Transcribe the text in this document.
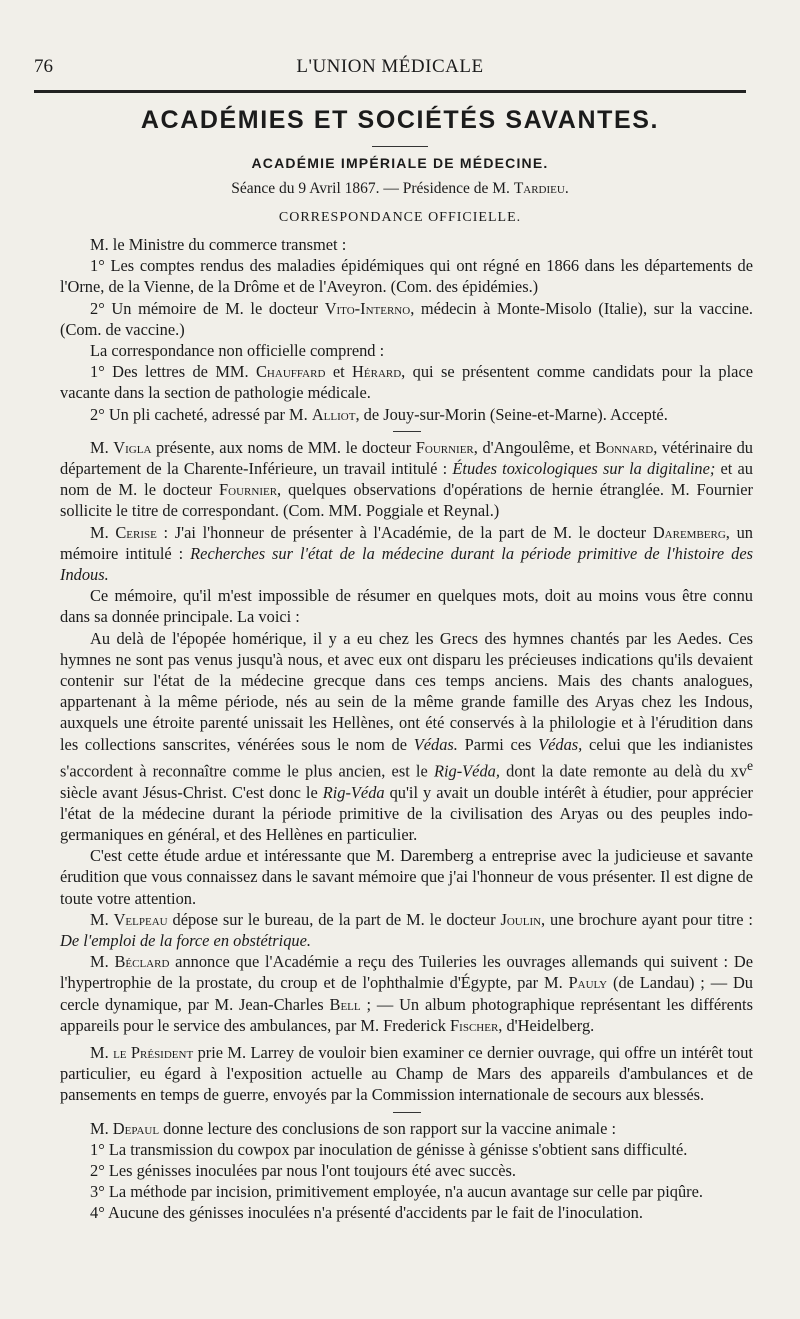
76	L'UNION MÉDICALE
ACADÉMIES ET SOCIÉTÉS SAVANTES.
ACADÉMIE IMPÉRIALE DE MÉDECINE.
Séance du 9 Avril 1867. — Présidence de M. Tardieu.
CORRESPONDANCE OFFICIELLE.

M. le Ministre du commerce transmet :

1° Les comptes rendus des maladies épidémiques qui ont régné en 1866 dans les départements de l'Orne, de la Vienne, de la Drôme et de l'Aveyron. (Com. des épidémies.)

2° Un mémoire de M. le docteur Vito-Interno, médecin à Monte-Misolo (Italie), sur la vaccine. (Com. de vaccine.)

La correspondance non officielle comprend :

1° Des lettres de MM. Chauffard et Hérard, qui se présentent comme candidats pour la place vacante dans la section de pathologie médicale.

2° Un pli cacheté, adressé par M. Alliot, de Jouy-sur-Morin (Seine-et-Marne). Accepté.

M. Vigla présente, aux noms de MM. le docteur Fournier, d'Angoulême, et Bonnard, vétérinaire du département de la Charente-Inférieure, un travail intitulé : Études toxicologiques sur la digitaline; et au nom de M. le docteur Fournier, quelques observations d'opérations de hernie étranglée. M. Fournier sollicite le titre de correspondant. (Com. MM. Poggiale et Reynal.)

M. Cerise : J'ai l'honneur de présenter à l'Académie, de la part de M. le docteur Daremberg, un mémoire intitulé : Recherches sur l'état de la médecine durant la période primitive de l'histoire des Indous.

Ce mémoire, qu'il m'est impossible de résumer en quelques mots, doit au moins vous être connu dans sa donnée principale. La voici :

Au delà de l'épopée homérique, il y a eu chez les Grecs des hymnes chantés par les Aedes. Ces hymnes ne sont pas venus jusqu'à nous, et avec eux ont disparu les précieuses indications qu'ils devaient contenir sur l'état de la médecine grecque dans ces temps anciens. Mais des chants analogues, appartenant à la même période, nés au sein de la même grande famille des Aryas chez les Indous, auxquels une étroite parenté unissait les Hellènes, ont été conservés à la philologie et à l'érudition dans les collections sanscrites, vénérées sous le nom de Védas. Parmi ces Védas, celui que les indianistes s'accordent à reconnaître comme le plus ancien, est le Rig-Véda, dont la date remonte au delà du $xv^e$ siècle avant Jésus-Christ. C'est donc le Rig-Véda qu'il y avait un double intérêt à étudier, pour apprécier l'état de la médecine durant la période primitive de la civilisation des Aryas ou des peuples indo-germaniques en général, et des Hellènes en particulier.

C'est cette étude ardue et intéressante que M. Daremberg a entreprise avec la judicieuse et savante érudition que vous connaissez dans le savant mémoire que j'ai l'honneur de vous présenter. Il est digne de toute votre attention.

M. Velpeau dépose sur le bureau, de la part de M. le docteur Joulin, une brochure ayant pour titre : De l'emploi de la force en obstétrique.

M. Béclard annonce que l'Académie a reçu des Tuileries les ouvrages allemands qui suivent : De l'hypertrophie de la prostate, du croup et de l'ophthalmie d'Égypte, par M. Pauly (de Landau) ; — Du cercle dynamique, par M. Jean-Charles Bell ; — Un album photographique représentant les différents appareils pour le service des ambulances, par M. Frederick Fischer, d'Heidelberg.

M. le Président prie M. Larrey de vouloir bien examiner ce dernier ouvrage, qui offre un intérêt tout particulier, eu égard à l'exposition actuelle au Champ de Mars des appareils d'ambulances et de pansements en temps de guerre, envoyés par la Commission internationale de secours aux blessés.

M. Depaul donne lecture des conclusions de son rapport sur la vaccine animale :

1° La transmission du cowpox par inoculation de génisse à génisse s'obtient sans difficulté.

2° Les génisses inoculées par nous l'ont toujours été avec succès.

3° La méthode par incision, primitivement employée, n'a aucun avantage sur celle par piqûre.

4° Aucune des génisses inoculées n'a présenté d'accidents par le fait de l'inoculation.
